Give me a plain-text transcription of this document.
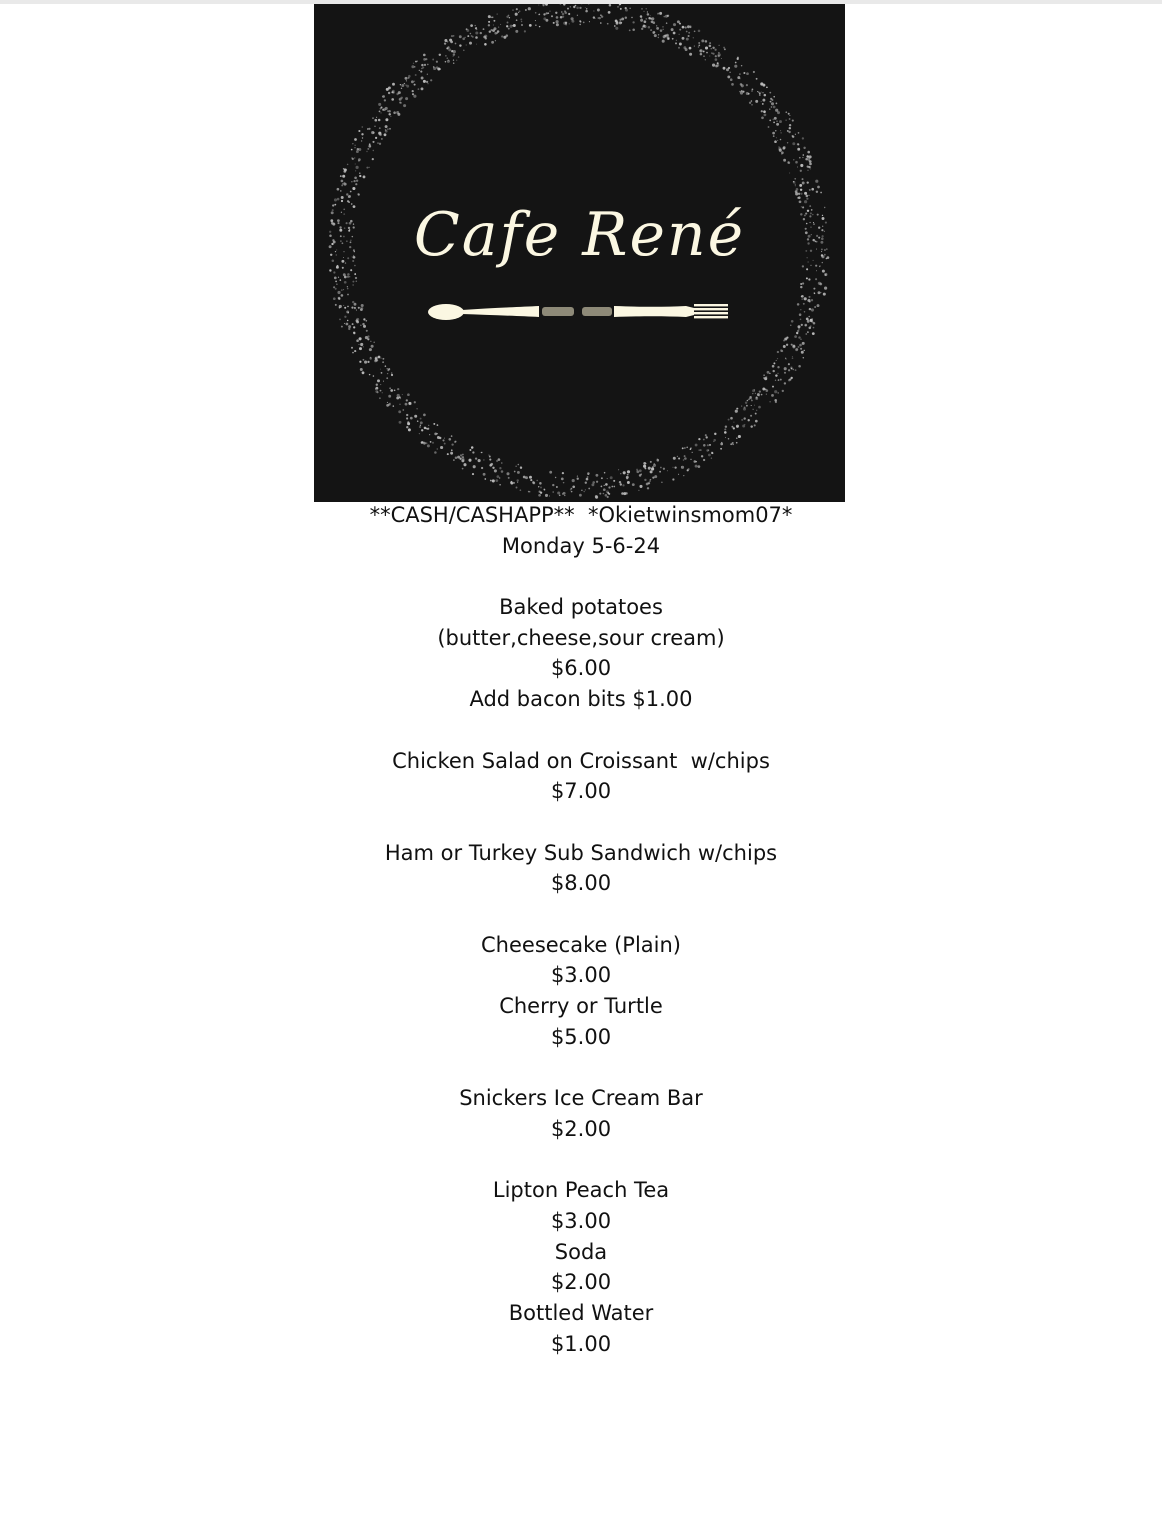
Cafe René
**CASH/CASHAPP**  *Okietwinsmom07*
Monday 5-6-24
Baked potatoes
(butter,cheese,sour cream)
$6.00
Add bacon bits $1.00
Chicken Salad on Croissant  w/chips
$7.00
Ham or Turkey Sub Sandwich w/chips
$8.00
Cheesecake (Plain)
$3.00
Cherry or Turtle
$5.00
Snickers Ice Cream Bar
$2.00
Lipton Peach Tea
$3.00
Soda
$2.00
Bottled Water
$1.00
